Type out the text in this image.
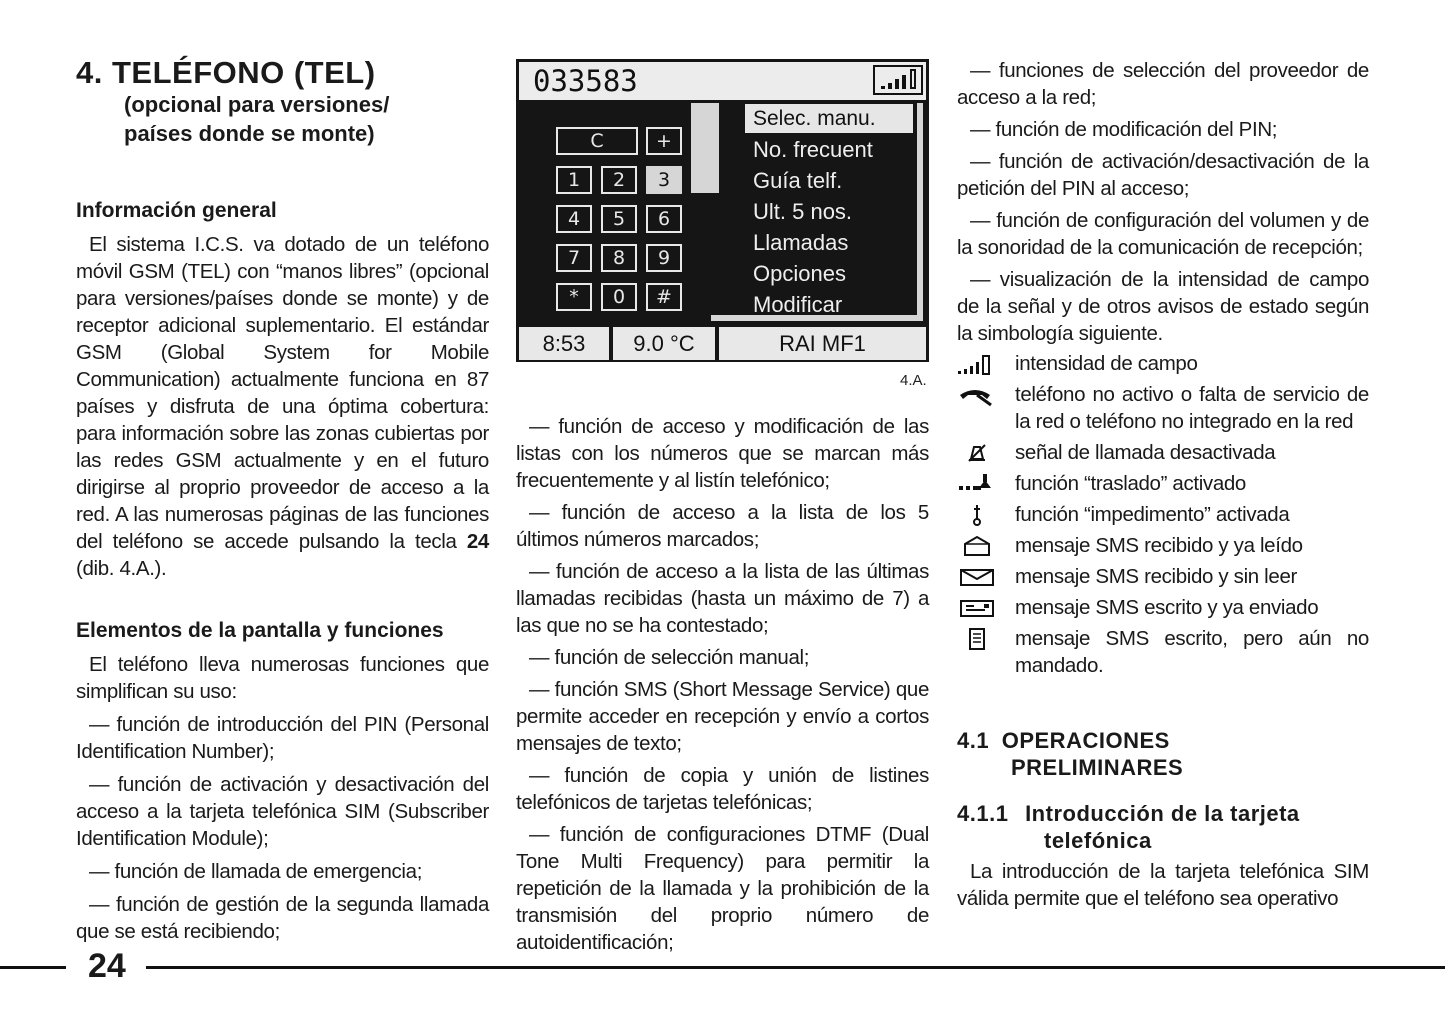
4. TELÉFONO (TEL)
(opcional para versiones/
países donde se monte)
Información general

El sistema I.C.S. va dotado de un teléfono móvil GSM (TEL) con “manos libres” (opcional para versiones/países donde se monte) y de receptor adicional suplementario. El estándar GSM (Global System for Mobile Communication) actualmente funciona en 87 países y disfruta de una óptima cobertura: para información sobre las zonas cubiertas por las redes GSM actualmente y en el futuro dirigirse al proprio proveedor de acceso a la red. A las numerosas páginas de las funciones del teléfono se accede pulsando la tecla 24 (dib. 4.A.).

Elementos de la pantalla y funciones

El teléfono lleva numerosas funciones que simplifican su uso:

— función de introducción del PIN (Personal Identification Number);

— función de activación y desactivación del acceso a la tarjeta telefónica SIM (Subscriber Identification Module);

— función de llamada de emergencia;

— función de gestión de la segunda llamada que se está recibiendo;

033583
C	+
1	2	3
4	5	6
7	8	9
*	0	#
Selec. manu.
No. frecuent
Guía telf.
Ult. 5 nos.
Llamadas
Opciones
Modificar
8:53	9.0 °C	RAI MF1
4.A.

— función de acceso y modificación de las listas con los números que se marcan más frecuentemente y al listín telefónico;

— función de acceso a la lista de los 5 últimos números marcados;

— función de acceso a la lista de las últimas llamadas recibidas (hasta un máximo de 7) a las que no se ha contestado;

— función de selección manual;

— función SMS (Short Message Service) que permite acceder en recepción y envío a cortos mensajes de texto;

— función de copia y unión de listines telefónicos de tarjetas telefónicas;

— función de configuraciones DTMF (Dual Tone Multi Frequency) para permitir la repetición de la llamada y la prohibición de la transmisión del proprio número de autoidentificación;

— funciones de selección del proveedor de acceso a la red;

— función de modificación del PIN;

— función de activación/desactivación de la petición del PIN al acceso;

— función de configuración del volumen y de la sonoridad de la comunicación de recepción;

— visualización de la intensidad de campo de la señal y de otros avisos de estado según la simbología siguiente.

intensidad de campo
teléfono no activo o falta de servicio de la red o teléfono no integrado en la red
señal de llamada desactivada
función “traslado” activado
función “impedimento” activada
mensaje SMS recibido y ya leído
mensaje SMS recibido y sin leer
mensaje SMS escrito y ya enviado
mensaje SMS escrito, pero aún no mandado.
4.1 OPERACIONES
PRELIMINARES
4.1.1 Introducción de la tarjeta
telefónica

La introducción de la tarjeta telefónica SIM válida permite que el teléfono sea operativo

24
